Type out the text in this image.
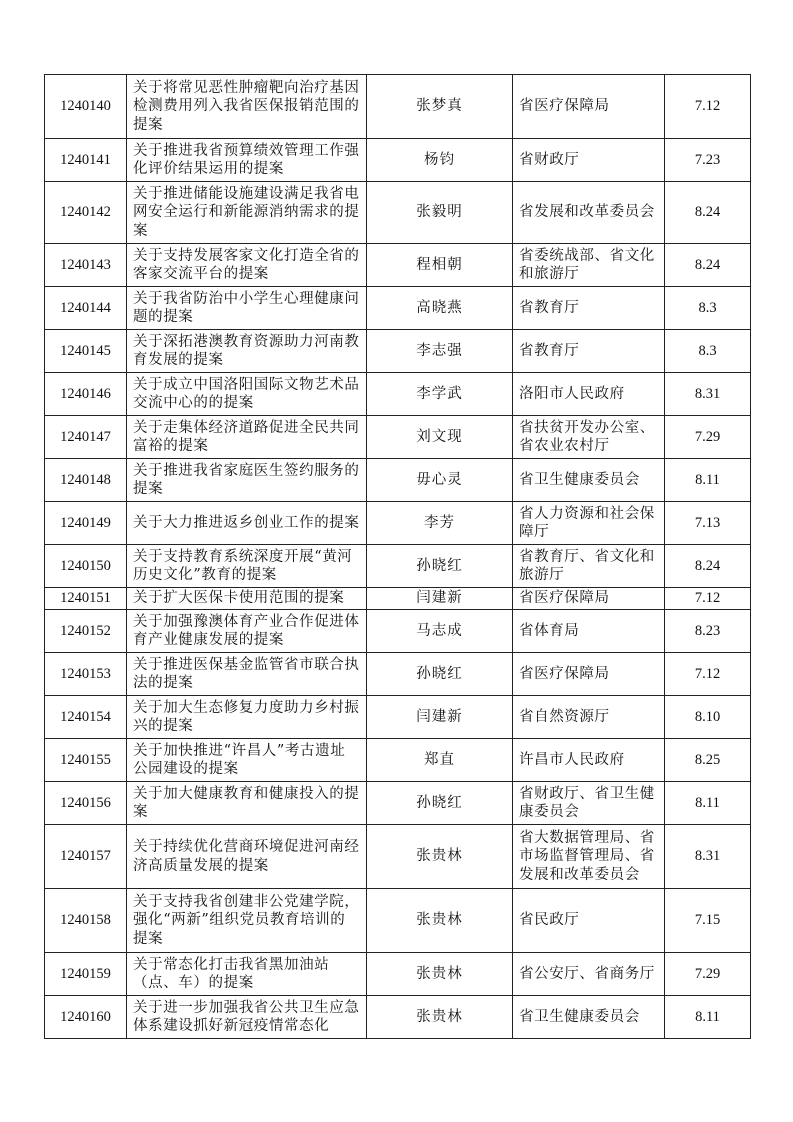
1240140	关于将常见恶性肿瘤靶向治疗基因检测费用列入我省医保报销范围的提案	张梦真	省医疗保障局	7.12
1240141	关于推进我省预算绩效管理工作强化评价结果运用的提案	杨钧	省财政厅	7.23
1240142	关于推进储能设施建设满足我省电网安全运行和新能源消纳需求的提案	张毅明	省发展和改革委员会	8.24
1240143	关于支持发展客家文化打造全省的客家交流平台的提案	程相朝	省委统战部、省文化和旅游厅	8.24
1240144	关于我省防治中小学生心理健康问题的提案	高晓燕	省教育厅	8.3
1240145	关于深拓港澳教育资源助力河南教育发展的提案	李志强	省教育厅	8.3
1240146	关于成立中国洛阳国际文物艺术品交流中心的的提案	李学武	洛阳市人民政府	8.31
1240147	关于走集体经济道路促进全民共同富裕的提案	刘文现	省扶贫开发办公室、省农业农村厅	7.29
1240148	关于推进我省家庭医生签约服务的提案	毋心灵	省卫生健康委员会	8.11
1240149	关于大力推进返乡创业工作的提案	李芳	省人力资源和社会保障厅	7.13
1240150	关于支持教育系统深度开展“黄河历史文化”教育的提案	孙晓红	省教育厅、省文化和旅游厅	8.24
1240151	关于扩大医保卡使用范围的提案	闫建新	省医疗保障局	7.12
1240152	关于加强豫澳体育产业合作促进体育产业健康发展的提案	马志成	省体育局	8.23
1240153	关于推进医保基金监管省市联合执法的提案	孙晓红	省医疗保障局	7.12
1240154	关于加大生态修复力度助力乡村振兴的提案	闫建新	省自然资源厅	8.10
1240155	关于加快推进“许昌人”考古遗址公园建设的提案	郑直	许昌市人民政府	8.25
1240156	关于加大健康教育和健康投入的提案	孙晓红	省财政厅、省卫生健康委员会	8.11
1240157	关于持续优化营商环境促进河南经济高质量发展的提案	张贵林	省大数据管理局、省市场监督管理局、省发展和改革委员会	8.31
1240158	关于支持我省创建非公党建学院，强化“两新”组织党员教育培训的提案	张贵林	省民政厅	7.15
1240159	关于常态化打击我省黑加油站（点、车）的提案	张贵林	省公安厅、省商务厅	7.29
1240160	关于进一步加强我省公共卫生应急体系建设抓好新冠疫情常态化	张贵林	省卫生健康委员会	8.11
